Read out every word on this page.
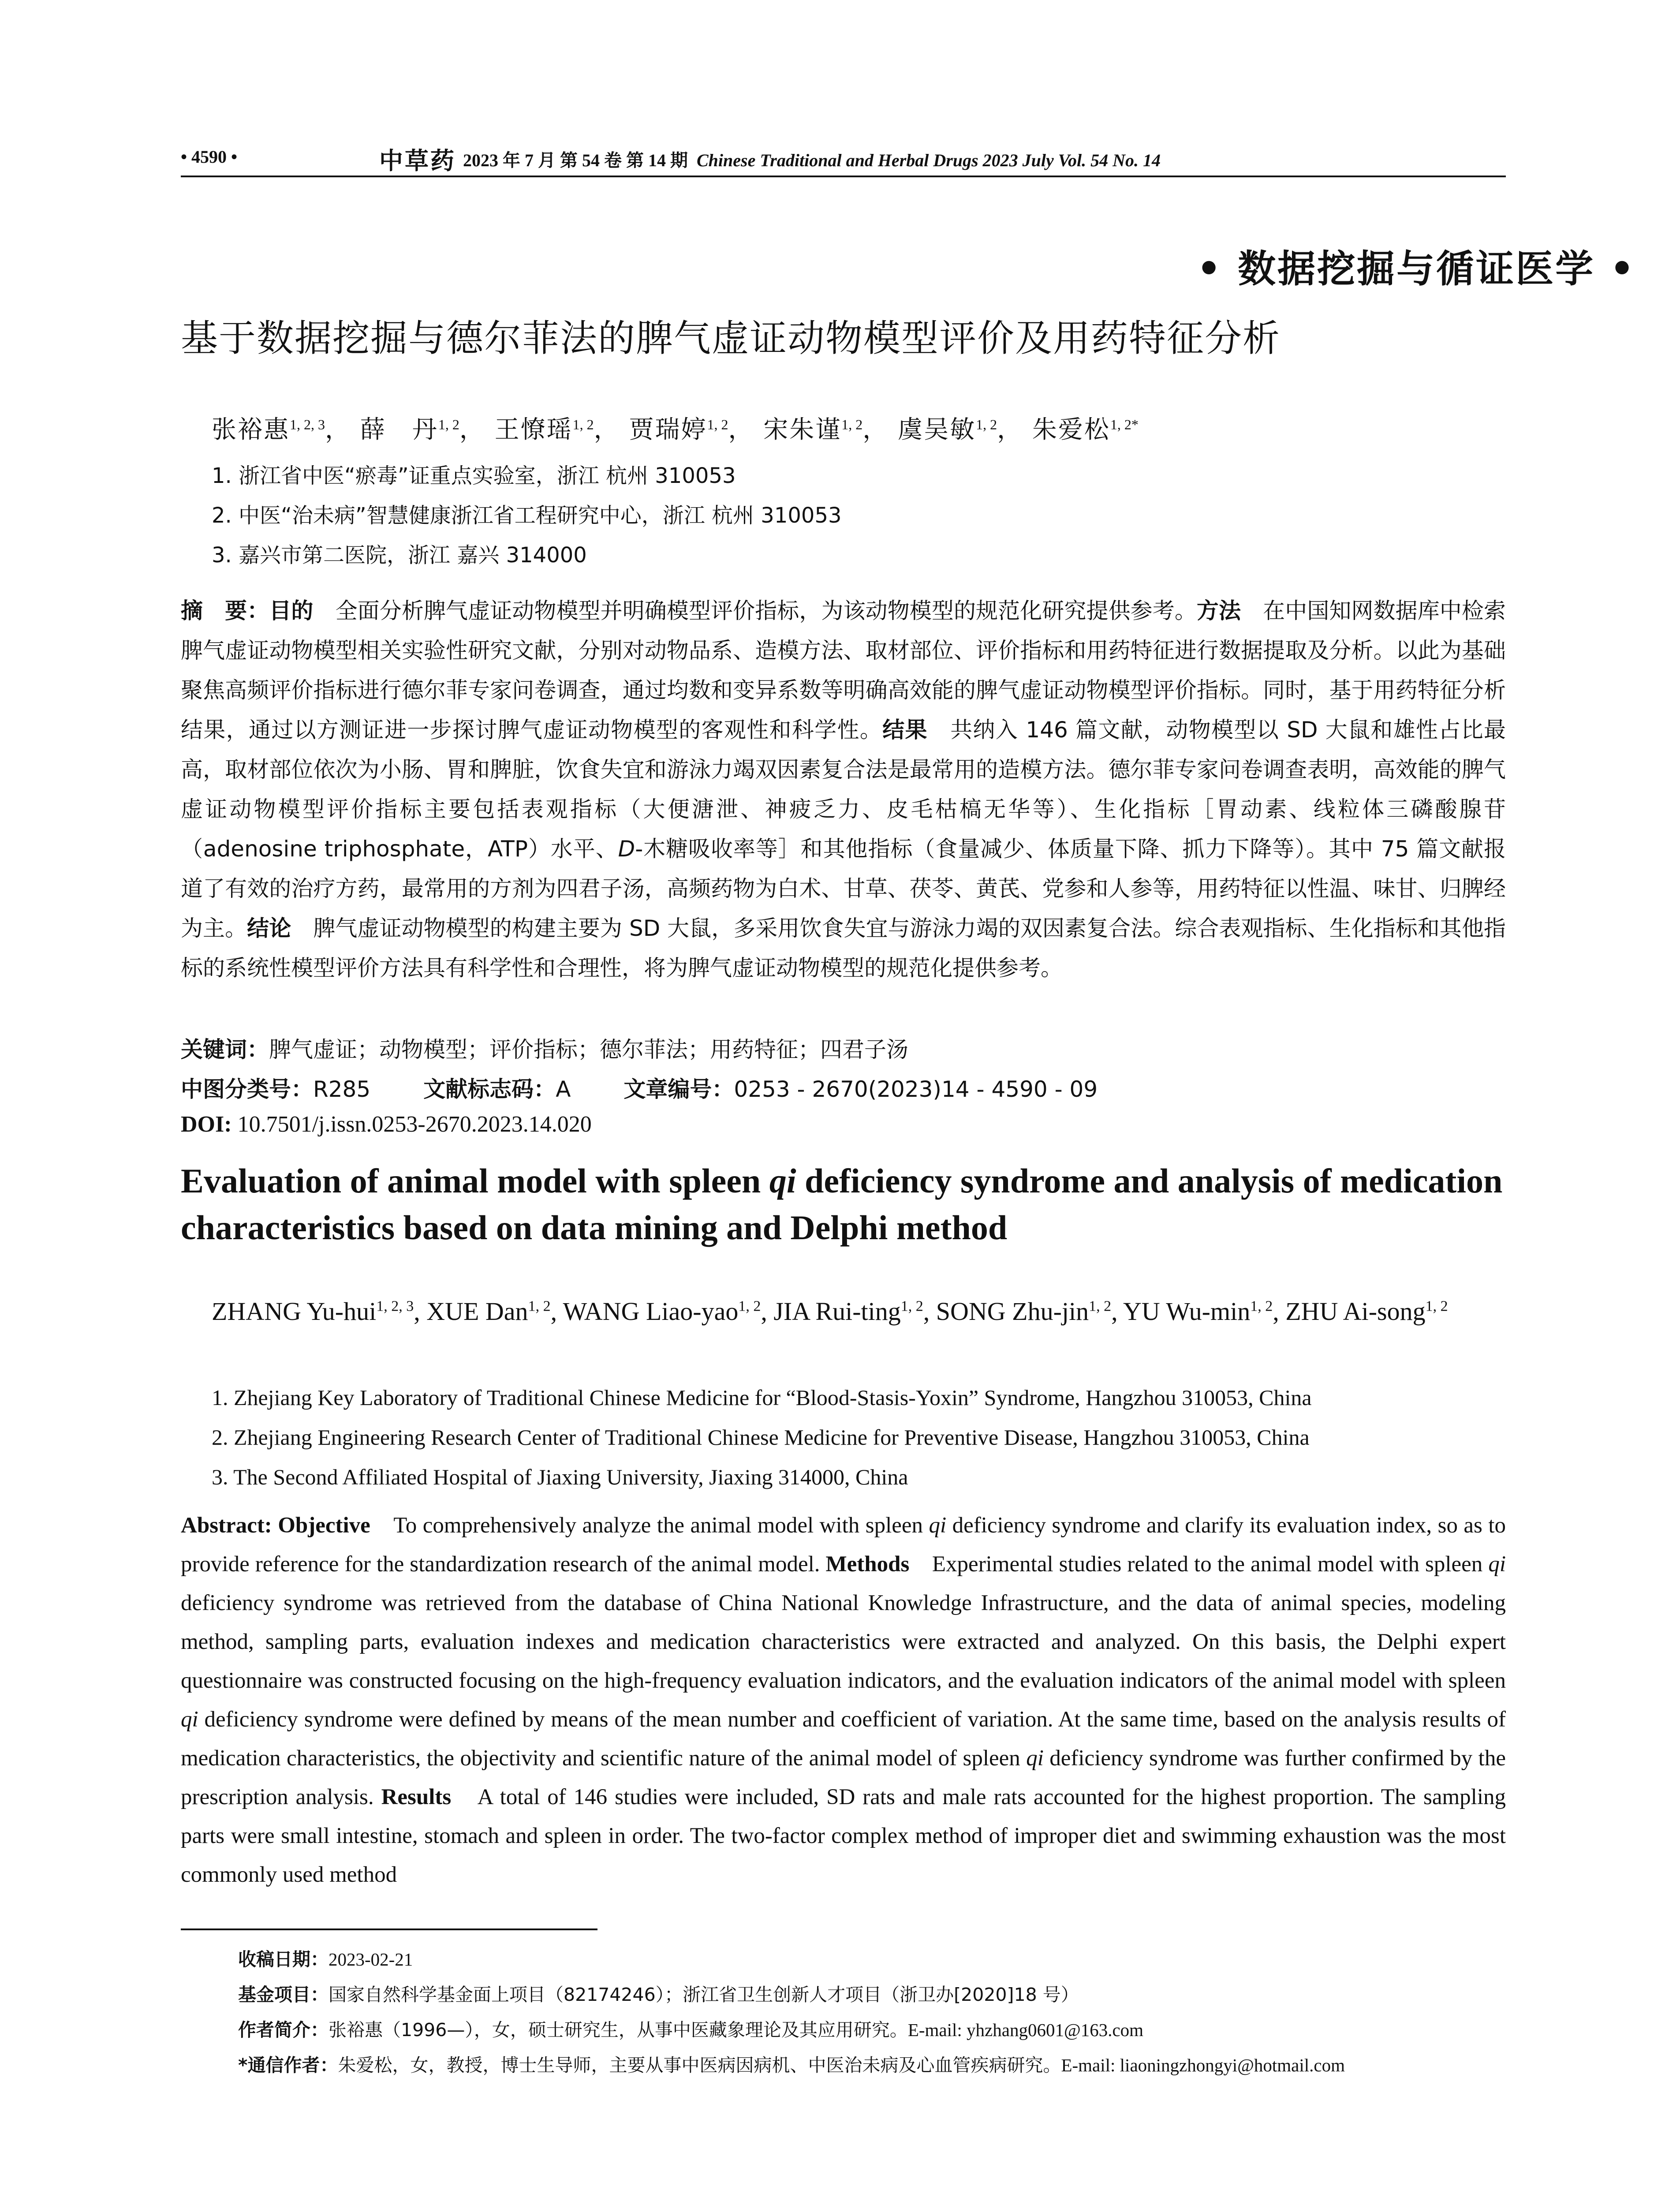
• 4590 •	中草药 2023 年 7 月 第 54 卷 第 14 期 Chinese Traditional and Herbal Drugs 2023 July Vol. 54 No. 14
• 数据挖掘与循证医学 •
基于数据挖掘与德尔菲法的脾气虚证动物模型评价及用药特征分析
张裕惠$^{1, 2, 3}$， 薛　丹$^{1, 2}$， 王憭瑶$^{1, 2}$， 贾瑞婷$^{1, 2}$， 宋朱谨$^{1, 2}$， 虞吴敏$^{1, 2}$， 朱爱松$^{1, 2*}$
1. 浙江省中医“瘀毒”证重点实验室，浙江 杭州 310053
2. 中医“治未病”智慧健康浙江省工程研究中心，浙江 杭州 310053
3. 嘉兴市第二医院，浙江 嘉兴 314000
摘　要：目的　全面分析脾气虚证动物模型并明确模型评价指标，为该动物模型的规范化研究提供参考。方法　在中国知网数据库中检索脾气虚证动物模型相关实验性研究文献，分别对动物品系、造模方法、取材部位、评价指标和用药特征进行数据提取及分析。以此为基础聚焦高频评价指标进行德尔菲专家问卷调查，通过均数和变异系数等明确高效能的脾气虚证动物模型评价指标。同时，基于用药特征分析结果，通过以方测证进一步探讨脾气虚证动物模型的客观性和科学性。结果　共纳入 146 篇文献，动物模型以 SD 大鼠和雄性占比最高，取材部位依次为小肠、胃和脾脏，饮食失宜和游泳力竭双因素复合法是最常用的造模方法。德尔菲专家问卷调查表明，高效能的脾气虚证动物模型评价指标主要包括表观指标（大便溏泄、神疲乏力、皮毛枯槁无华等）、生化指标［胃动素、线粒体三磷酸腺苷（adenosine triphosphate，ATP）水平、D-木糖吸收率等］和其他指标（食量减少、体质量下降、抓力下降等）。其中 75 篇文献报道了有效的治疗方药，最常用的方剂为四君子汤，高频药物为白术、甘草、茯苓、黄芪、党参和人参等，用药特征以性温、味甘、归脾经为主。结论　脾气虚证动物模型的构建主要为 SD 大鼠，多采用饮食失宜与游泳力竭的双因素复合法。综合表观指标、生化指标和其他指标的系统性模型评价方法具有科学性和合理性，将为脾气虚证动物模型的规范化提供参考。
关键词：脾气虚证；动物模型；评价指标；德尔菲法；用药特征；四君子汤
中图分类号：R285 文献标志码：A 文章编号：0253 - 2670(2023)14 - 4590 - 09
DOI: 10.7501/j.issn.0253-2670.2023.14.020
Evaluation of animal model with spleen qi deficiency syndrome and analysis of medication characteristics based on data mining and Delphi method
ZHANG Yu-hui$^{1, 2, 3}$, XUE Dan$^{1, 2}$, WANG Liao-yao$^{1, 2}$, JIA Rui-ting$^{1, 2}$, SONG Zhu-jin$^{1, 2}$, YU $Wu-\min^{1, 2}$, ZHU Ai-song$^{1, 2}$
1. Zhejiang Key Laboratory of Traditional Chinese Medicine for “Blood-Stasis-Yoxin” Syndrome, Hangzhou 310053, China
2. Zhejiang Engineering Research Center of Traditional Chinese Medicine for Preventive Disease, Hangzhou 310053, China
3. The Second Affiliated Hospital of Jiaxing University, Jiaxing 314000, China
Abstract: Objective　To comprehensively analyze the animal model with spleen qi deficiency syndrome and clarify its evaluation index, so as to provide reference for the standardization research of the animal model. Methods　Experimental studies related to the animal model with spleen qi deficiency syndrome was retrieved from the database of China National Knowledge Infrastructure, and the data of animal species, modeling method, sampling parts, evaluation indexes and medication characteristics were extracted and analyzed. On this basis, the Delphi expert questionnaire was constructed focusing on the high-frequency evaluation indicators, and the evaluation indicators of the animal model with spleen qi deficiency syndrome were defined by means of the mean number and coefficient of variation. At the same time, based on the analysis results of medication characteristics, the objectivity and scientific nature of the animal model of spleen qi deficiency syndrome was further confirmed by the prescription analysis. Results　A total of 146 studies were included, SD rats and male rats accounted for the highest proportion. The sampling parts were small intestine, stomach and spleen in order. The two-factor complex method of improper diet and swimming exhaustion was the most commonly used method
收稿日期：2023-02-21
基金项目：国家自然科学基金面上项目（82174246）；浙江省卫生创新人才项目（浙卫办[2020]18 号）
作者简介：张裕惠（1996—），女，硕士研究生，从事中医藏象理论及其应用研究。E-mail: yhzhang0601@163.com
*通信作者：朱爱松，女，教授，博士生导师，主要从事中医病因病机、中医治未病及心血管疾病研究。E-mail: liaoningzhongyi@hotmail.com
